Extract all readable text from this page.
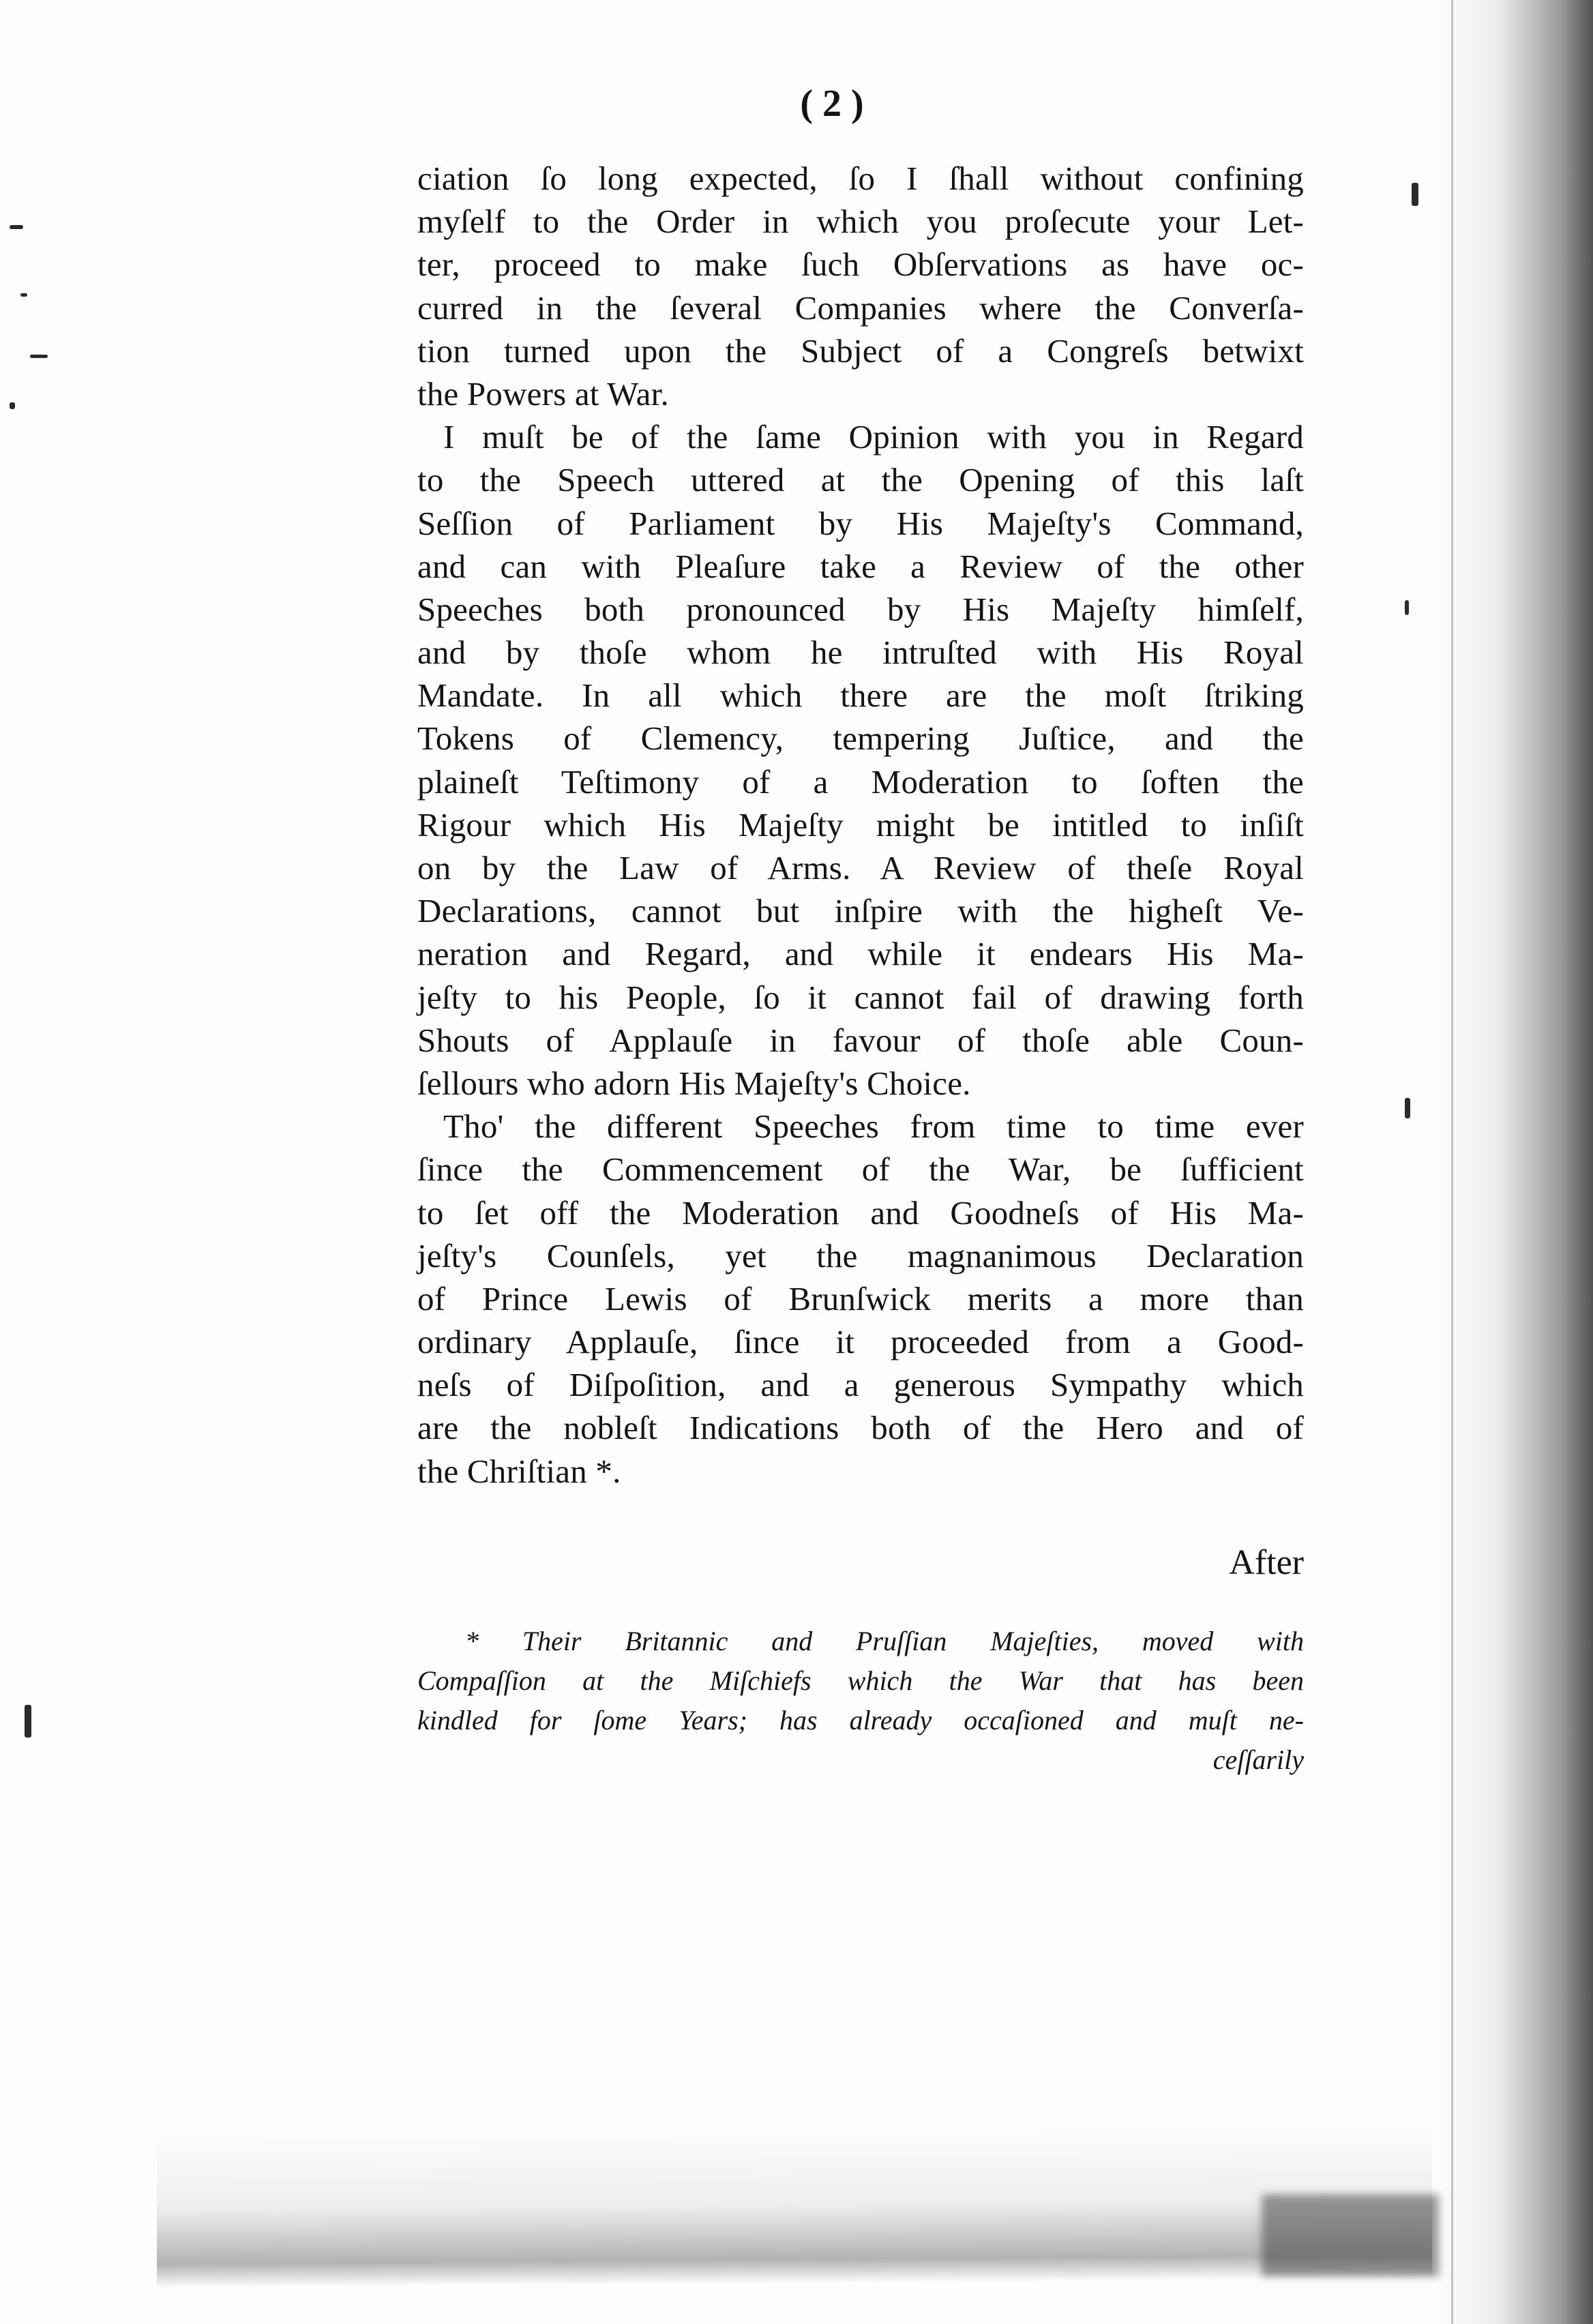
( 2 )
ciation ſo long expected, ſo I ſhall without confining
myſelf to the Order in which you proſecute your Let-
ter, proceed to make ſuch Obſervations as have oc-
curred in the ſeveral Companies where the Converſa-
tion turned upon the Subject of a Congreſs betwixt
the Powers at War.
I muſt be of the ſame Opinion with you in Regard
to the Speech uttered at the Opening of this laſt
Seſſion of Parliament by His Majeſty's Command,
and can with Pleaſure take a Review of the other
Speeches both pronounced by His Majeſty himſelf,
and by thoſe whom he intruſted with His Royal
Mandate. In all which there are the moſt ſtriking
Tokens of Clemency, tempering Juſtice, and the
plaineſt Teſtimony of a Moderation to ſoften the
Rigour which His Majeſty might be intitled to inſiſt
on by the Law of Arms. A Review of theſe Royal
Declarations, cannot but inſpire with the higheſt Ve-
neration and Regard, and while it endears His Ma-
jeſty to his People, ſo it cannot fail of drawing forth
Shouts of Applauſe in favour of thoſe able Coun-
ſellours who adorn His Majeſty's Choice.
Tho' the different Speeches from time to time ever
ſince the Commencement of the War, be ſufficient
to ſet off the Moderation and Goodneſs of His Ma-
jeſty's Counſels, yet the magnanimous Declaration
of Prince Lewis of Brunſwick merits a more than
ordinary Applauſe, ſince it proceeded from a Good-
neſs of Diſpoſition, and a generous Sympathy which
are the nobleſt Indications both of the Hero and of
the Chriſtian *.
After
* Their Britannic and Pruſſian Majeſties, moved with
Compaſſion at the Miſchiefs which the War that has been
kindled for ſome Years; has already occaſioned and muſt ne-
ceſſarily
